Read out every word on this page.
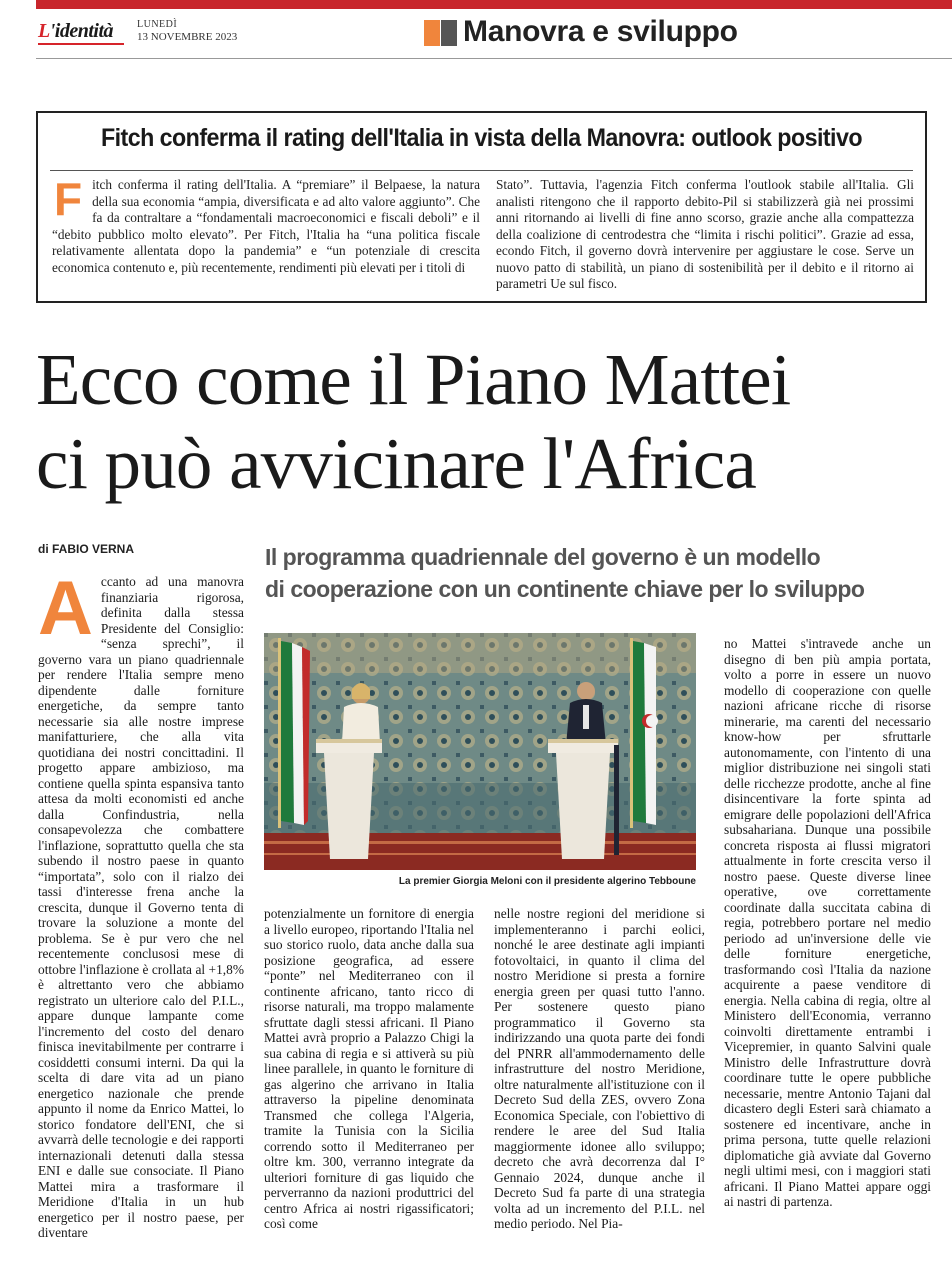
L'identità LUNEDÌ
13 NOVEMBRE 2023	Manovra e sviluppo
Fitch conferma il rating dell'Italia in vista della Manovra: outlook positivo
F itch conferma il rating dell'Italia. A “premiare” il Belpaese, la natura della sua economia “ampia, diversificata e ad alto valore aggiunto”. Che fa da contraltare a “fondamentali macroeconomici e fiscali deboli” e il “debito pubblico molto elevato”. Per Fitch, l'Italia ha “una politica fiscale relativamente allentata dopo la pandemia” e “un potenziale di crescita economica contenuto e, più recentemente, rendimenti più elevati per i titoli di
Stato”. Tuttavia, l'agenzia Fitch conferma l'outlook stabile all'Italia. Gli analisti ritengono che il rapporto debito-Pil si stabilizzerà già nei prossimi anni ritornando ai livelli di fine anno scorso, grazie anche alla compattezza della coalizione di centrodestra che “limita i rischi politici”. Grazie ad essa, econdo Fitch, il governo dovrà intervenire per aggiustare le cose. Serve un nuovo patto di stabilità, un piano di sostenibilità per il debito e il ritorno ai parametri Ue sul fisco.
Ecco come il Piano Mattei
ci può avvicinare l'Africa
di FABIO VERNA	Il programma quadriennale del governo è un modello
di cooperazione con un continente chiave per lo sviluppo
A ccanto ad una manovra finanziaria rigorosa, definita dalla stessa Presidente del Consiglio: “senza sprechi”, il governo vara un piano quadriennale per rendere l'Italia sempre meno dipendente dalle forniture energetiche, da sempre tanto necessarie sia alle nostre imprese manifatturiere, che alla vita quotidiana dei nostri concittadini. Il progetto appare ambizioso, ma contiene quella spinta espansiva tanto attesa da molti economisti ed anche dalla Confindustria, nella consapevolezza che combattere l'inflazione, soprattutto quella che sta subendo il nostro paese in quanto “importata”, solo con il rialzo dei tassi d'interesse frena anche la crescita, dunque il Governo tenta di trovare la soluzione a monte del problema. Se è pur vero che nel recentemente conclusosi mese di ottobre l'inflazione è crollata al +1,8% è altrettanto vero che abbiamo registrato un ulteriore calo del P.I.L., appare dunque lampante come l'incremento del costo del denaro finisca inevitabilmente per contrarre i cosiddetti consumi interni. Da qui la scelta di dare vita ad un piano energetico nazionale che prende appunto il nome da Enrico Mattei, lo storico fondatore dell'ENI, che si avvarrà delle tecnologie e dei rapporti internazionali detenuti dalla stessa ENI e dalle sue consociate. Il Piano Mattei mira a trasformare il Meridione d'Italia in un hub energetico per il nostro paese, per diventare
La premier Giorgia Meloni con il presidente algerino Tebboune
potenzialmente un fornitore di energia a livello europeo, riportando l'Italia nel suo storico ruolo, data anche dalla sua posizione geografica, ad essere “ponte” nel Mediterraneo con il continente africano, tanto ricco di risorse naturali, ma troppo malamente sfruttate dagli stessi africani. Il Piano Mattei avrà proprio a Palazzo Chigi la sua cabina di regia e si attiverà su più linee parallele, in quanto le forniture di gas algerino che arrivano in Italia attraverso la pipeline denominata Transmed che collega l'Algeria, tramite la Tunisia con la Sicilia correndo sotto il Mediterraneo per oltre km. 300, verranno integrate da ulteriori forniture di gas liquido che perverranno da nazioni produttrici del centro Africa ai nostri rigassificatori; così come
nelle nostre regioni del meridione si implementeranno i parchi eolici, nonché le aree destinate agli impianti fotovoltaici, in quanto il clima del nostro Meridione si presta a fornire energia green per quasi tutto l'anno. Per sostenere questo piano programmatico il Governo sta indirizzando una quota parte dei fondi del PNRR all'ammodernamento delle infrastrutture del nostro Meridione, oltre naturalmente all'istituzione con il Decreto Sud della ZES, ovvero Zona Economica Speciale, con l'obiettivo di rendere le aree del Sud Italia maggiormente idonee allo sviluppo; decreto che avrà decorrenza dal I° Gennaio 2024, dunque anche il Decreto Sud fa parte di una strategia volta ad un incremento del P.I.L. nel medio periodo. Nel Pia-
no Mattei s'intravede anche un disegno di ben più ampia portata, volto a porre in essere un nuovo modello di cooperazione con quelle nazioni africane ricche di risorse minerarie, ma carenti del necessario know-how per sfruttarle autonomamente, con l'intento di una miglior distribuzione nei singoli stati delle ricchezze prodotte, anche al fine disincentivare la forte spinta ad emigrare delle popolazioni dell'Africa subsahariana. Dunque una possibile concreta risposta ai flussi migratori attualmente in forte crescita verso il nostro paese. Queste diverse linee operative, ove correttamente coordinate dalla succitata cabina di regia, potrebbero portare nel medio periodo ad un'inversione delle vie delle forniture energetiche, trasformando così l'Italia da nazione acquirente a paese venditore di energia. Nella cabina di regia, oltre al Ministero dell'Economia, verranno coinvolti direttamente entrambi i Vicepremier, in quanto Salvini quale Ministro delle Infrastrutture dovrà coordinare tutte le opere pubbliche necessarie, mentre Antonio Tajani dal dicastero degli Esteri sarà chiamato a sostenere ed incentivare, anche in prima persona, tutte quelle relazioni diplomatiche già avviate dal Governo negli ultimi mesi, con i maggiori stati africani. Il Piano Mattei appare oggi ai nastri di partenza.
